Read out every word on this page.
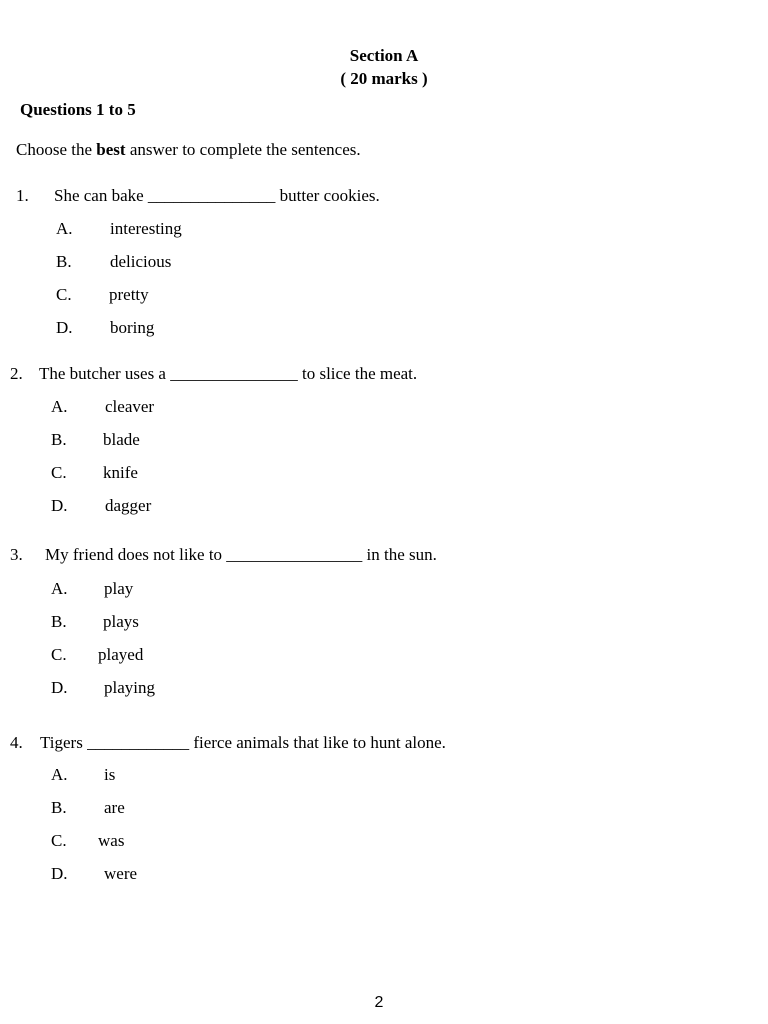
Section A
( 20 marks )
Questions 1 to 5
Choose the best answer to complete the sentences.
1. She can bake _______________ butter cookies.
A. interesting
B. delicious
C. pretty
D. boring
2. The butcher uses a _______________ to slice the meat.
A. cleaver
B. blade
C. knife
D. dagger
3. My friend does not like to ________________ in the sun.
A. play
B. plays
C. played
D. playing
4. Tigers ____________ fierce animals that like to hunt alone.
A. is
B. are
C. was
D. were
2
